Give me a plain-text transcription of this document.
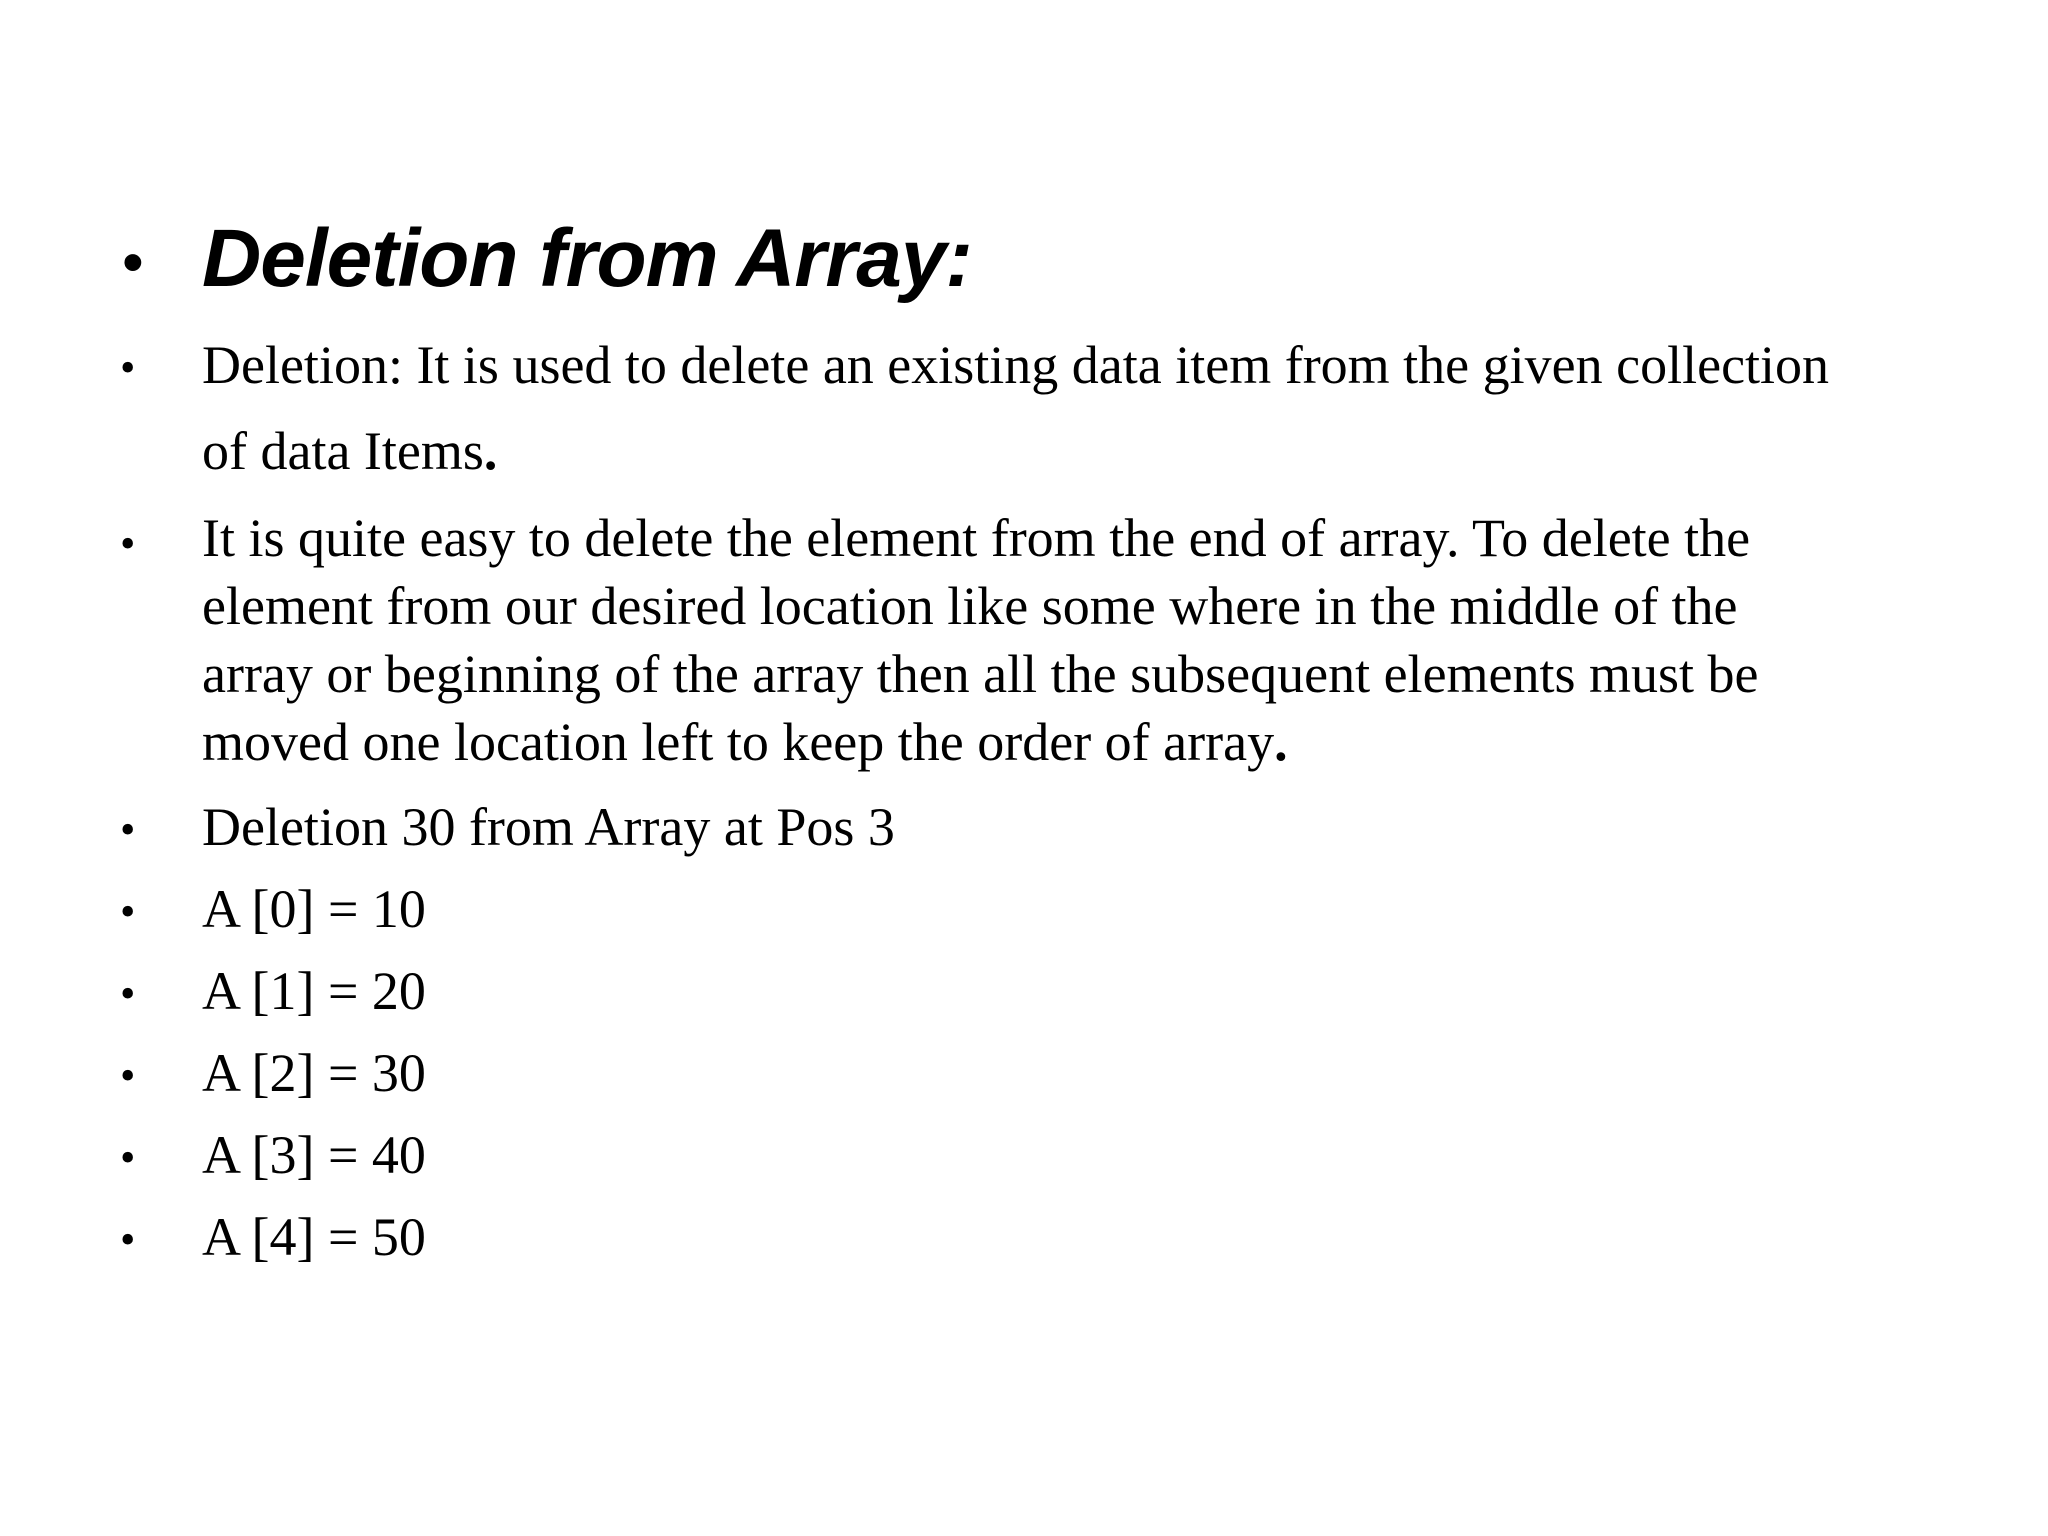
• Deletion from Array:
• Deletion: It is used to delete an existing data item from the given collection
of data Items.
• It is quite easy to delete the element from the end of array. To delete the
element from our desired location like some where in the middle of the
array or beginning of the array then all the subsequent elements must be
moved one location left to keep the order of array.
• Deletion 30 from Array at Pos 3
• A [0] = 10
• A [1] = 20
• A [2] = 30
• A [3] = 40
• A [4] = 50
